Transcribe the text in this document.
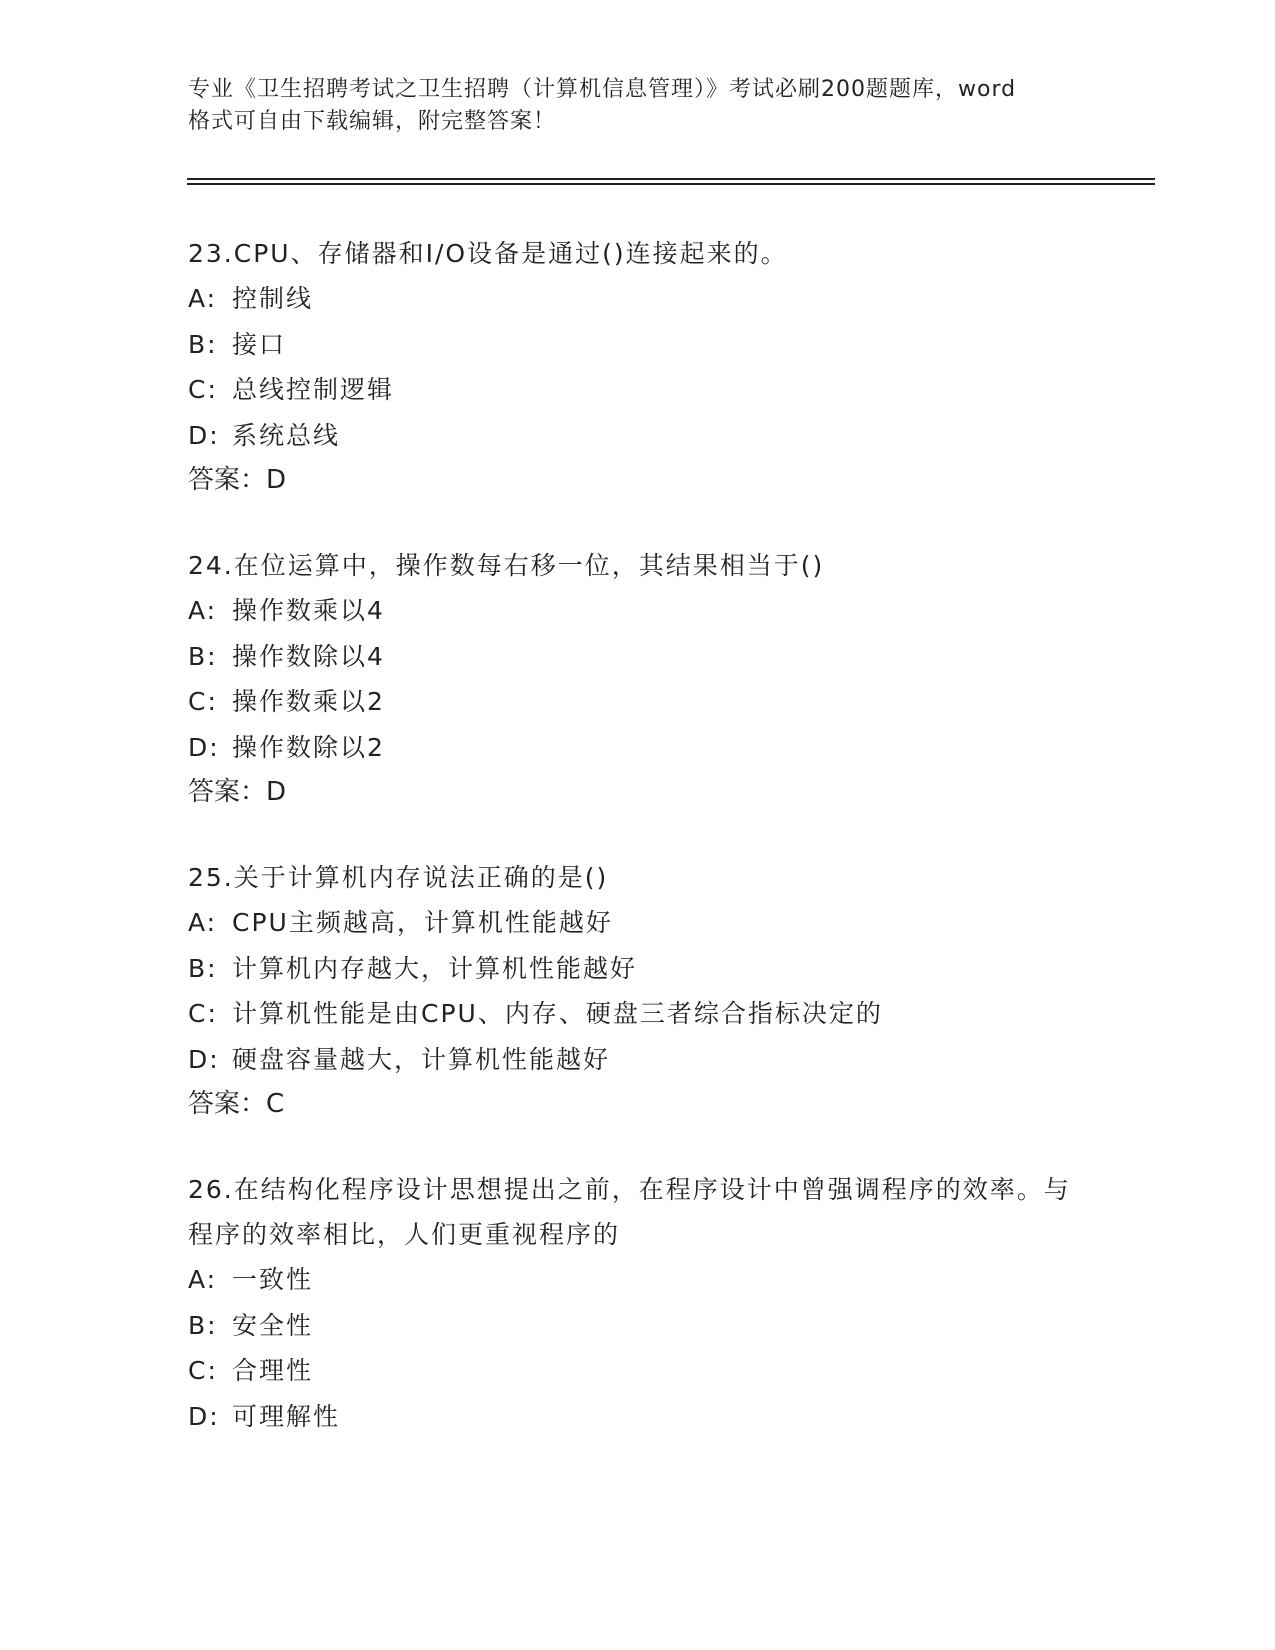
专业《卫生招聘考试之卫生招聘（计算机信息管理）》考试必刷200题题库，word
格式可自由下载编辑，附完整答案！
23.CPU、存储器和I/O设备是通过()连接起来的。
A: 控制线
B: 接口
C: 总线控制逻辑
D: 系统总线
答案：D
24.在位运算中，操作数每右移一位，其结果相当于()
A: 操作数乘以4
B: 操作数除以4
C: 操作数乘以2
D: 操作数除以2
答案：D
25.关于计算机内存说法正确的是()
A: CPU主频越高，计算机性能越好
B: 计算机内存越大，计算机性能越好
C: 计算机性能是由CPU、内存、硬盘三者综合指标决定的
D: 硬盘容量越大，计算机性能越好
答案：C
26.在结构化程序设计思想提出之前，在程序设计中曾强调程序的效率。与程序的效率相比，人们更重视程序的
A: 一致性
B: 安全性
C: 合理性
D: 可理解性
